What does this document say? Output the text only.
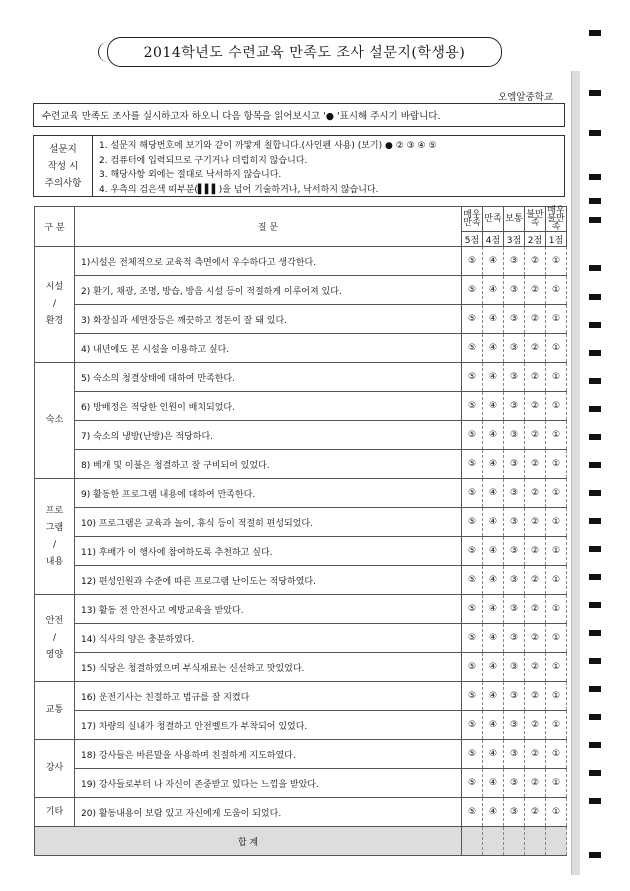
2014학년도 수련교육 만족도 조사 설문지(학생용)
오엠알중학교
수련교육 만족도 조사를 실시하고자 하오니 다음 항목을 읽어보시고 '● '표시해 주시기 바랍니다.
설문지
작성 시
주의사항
1. 설문지 해당번호에 보기와 같이 까맣게 칠합니다.(사인펜 사용) (보기) ● ② ③ ④ ⑤
2. 컴퓨터에 입력되므로 구기거나 더럽히지 않습니다.
3. 해당사항 외에는 절대로 낙서하지 않습니다.
4. 우측의 검은색 띠부분(▌▌▌)을 넘어 기술하거나, 낙서하지 않습니다.
구 분	질 문	매우 만족	만족	보통	불만족	매우 불만족
		5점	4점	3점	2점	1점

시설
/
환경	1)시설은 전체적으로 교육적 측면에서 우수하다고 생각한다.	⑤	④	③	②	①
	2) 환기, 채광, 조명, 방습, 방음 시설 등이 적절하게 이루어져 있다.	⑤	④	③	②	①
	3) 화장실과 세면장등은 깨끗하고 정돈이 잘 돼 있다.	⑤	④	③	②	①
	4) 내년에도 본 시설을 이용하고 싶다.	⑤	④	③	②	①

숙소	5) 숙소의 청결상태에 대하여 만족한다.	⑤	④	③	②	①
	6) 방배정은 적당한 인원이 배치되었다.	⑤	④	③	②	①
	7) 숙소의 냉방(난방)은 적당하다.	⑤	④	③	②	①
	8) 베개 및 이불은 청결하고 잘 구비되어 있었다.	⑤	④	③	②	①

프로
그램
/
내용	9) 활동한 프로그램 내용에 대하여 만족한다.	⑤	④	③	②	①
	10) 프로그램은 교육과 놀이, 휴식 등이 적절히 편성되었다.	⑤	④	③	②	①
	11) 후배가 이 행사에 참여하도록 추천하고 싶다.	⑤	④	③	②	①
	12) 편성인원과 수준에 따른 프로그램 난이도는 적당하였다.	⑤	④	③	②	①

안전
/
영양	13) 활동 전 안전사고 예방교육을 받았다.	⑤	④	③	②	①
	14) 식사의 양은 충분하였다.	⑤	④	③	②	①
	15) 식당은 청결하였으며 부식재료는 신선하고 맛있었다.	⑤	④	③	②	①

교통	16) 운전기사는 친절하고 법규를 잘 지켰다	⑤	④	③	②	①
	17) 차량의 실내가 청결하고 안전벨트가 부착되어 있었다.	⑤	④	③	②	①

강사	18) 강사들은 바른말을 사용하며 친절하게 지도하였다.	⑤	④	③	②	①
	19) 강사들로부터 나 자신이 존중받고 있다는 느낌을 받았다.	⑤	④	③	②	①

기타	20) 활동내용이 보람 있고 자신에게 도움이 되었다.	⑤	④	③	②	①
합 계						
